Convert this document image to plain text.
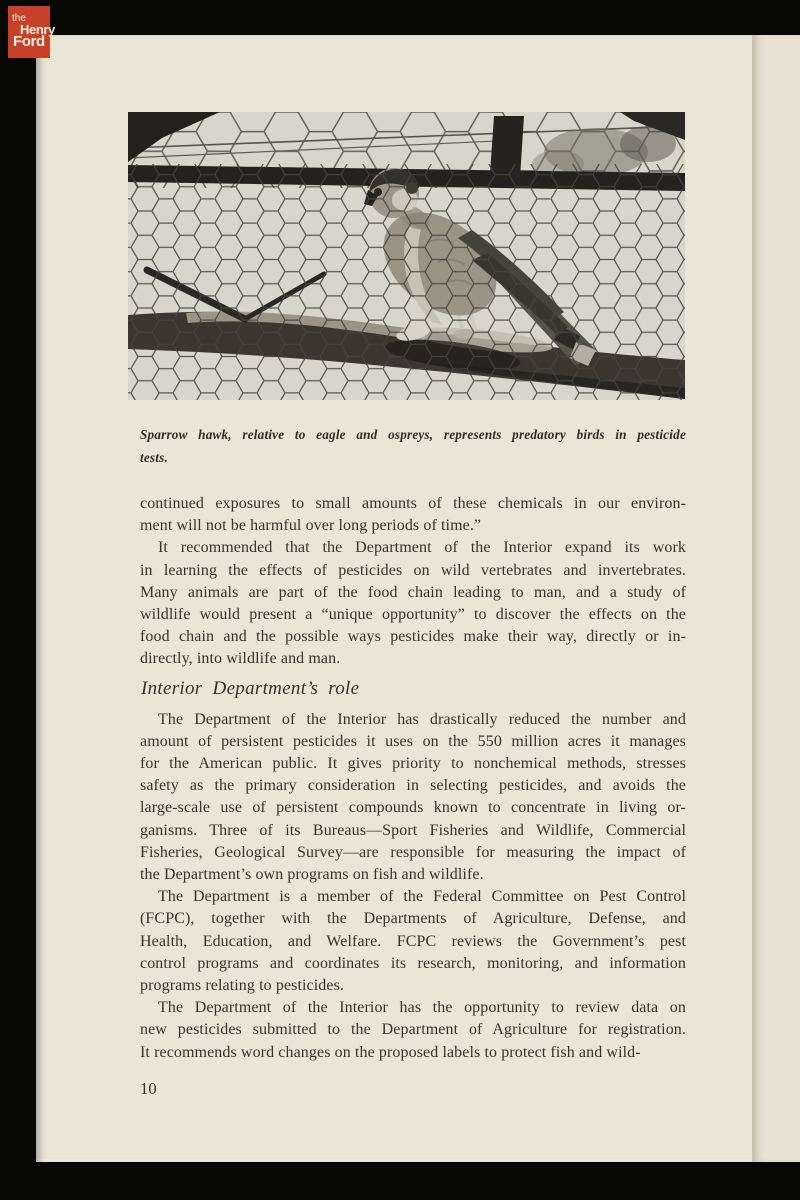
the
Henry
Ford
Sparrow hawk, relative to eagle and ospreys, represents predatory birds in pesticide
tests.
continued exposures to small amounts of these chemicals in our environ-
ment will not be harmful over long periods of time.”
It recommended that the Department of the Interior expand its work
in learning the effects of pesticides on wild vertebrates and invertebrates.
Many animals are part of the food chain leading to man, and a study of
wildlife would present a “unique opportunity” to discover the effects on the
food chain and the possible ways pesticides make their way, directly or in-
directly, into wildlife and man.
Interior Department’s role
The Department of the Interior has drastically reduced the number and
amount of persistent pesticides it uses on the 550 million acres it manages
for the American public. It gives priority to nonchemical methods, stresses
safety as the primary consideration in selecting pesticides, and avoids the
large-scale use of persistent compounds known to concentrate in living or-
ganisms. Three of its Bureaus—Sport Fisheries and Wildlife, Commercial
Fisheries, Geological Survey—are responsible for measuring the impact of
the Department’s own programs on fish and wildlife.
The Department is a member of the Federal Committee on Pest Control
(FCPC), together with the Departments of Agriculture, Defense, and
Health, Education, and Welfare. FCPC reviews the Government’s pest
control programs and coordinates its research, monitoring, and information
programs relating to pesticides.
The Department of the Interior has the opportunity to review data on
new pesticides submitted to the Department of Agriculture for registration.
It recommends word changes on the proposed labels to protect fish and wild-
10
